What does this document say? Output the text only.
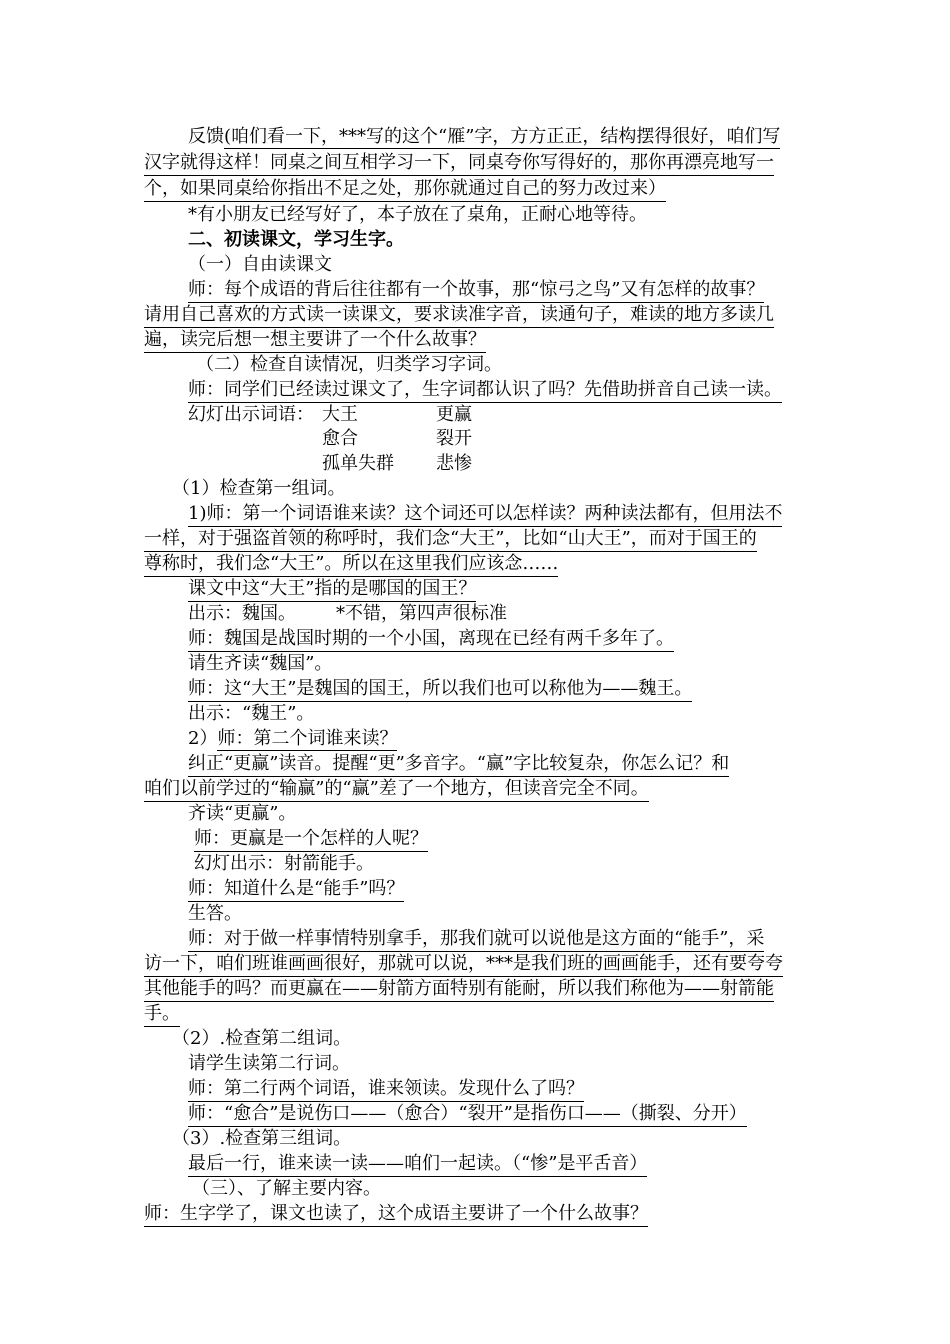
反馈(咱们看一下，***写的这个“雁”字，方方正正，结构摆得很好，咱们写
汉字就得这样！同桌之间互相学习一下，同桌夸你写得好的，那你再漂亮地写一
个，如果同桌给你指出不足之处，那你就通过自己的努力改过来）
*有小朋友已经写好了，本子放在了桌角，正耐心地等待。
二、初读课文，学习生字。
（一）自由读课文
师：每个成语的背后往往都有一个故事，那“惊弓之鸟”又有怎样的故事？
请用自己喜欢的方式读一读课文，要求读准字音，读通句子，难读的地方多读几
遍，读完后想一想主要讲了一个什么故事？
（二）检查自读情况，归类学习字词。
师：同学们已经读过课文了，生字词都认识了吗？先借助拼音自己读一读。
幻灯出示词语： 大王	更赢
愈合	裂开
孤单失群 悲惨
（1）检查第一组词。
1)师：第一个词语谁来读？这个词还可以怎样读？两种读法都有，但用法不
一样，对于强盗首领的称呼时，我们念“大王”，比如“山大王”，而对于国王的
尊称时，我们念“大王”。所以在这里我们应该念……
课文中这“大王”指的是哪国的国王？
出示：魏国。 *不错，第四声很标准
师：魏国是战国时期的一个小国，离现在已经有两千多年了。
请生齐读“魏国”。
师：这“大王”是魏国的国王，所以我们也可以称他为——魏王。
出示：“魏王”。
2）师：第二个词谁来读？
纠正“更赢”读音。提醒“更”多音字。“赢”字比较复杂，你怎么记？和
咱们以前学过的“输赢”的“赢”差了一个地方，但读音完全不同。
齐读“更赢”。
师：更赢是一个怎样的人呢？
幻灯出示：射箭能手。
师：知道什么是“能手”吗？
生答。
师：对于做一样事情特别拿手，那我们就可以说他是这方面的“能手”，采
访一下，咱们班谁画画很好，那就可以说，***是我们班的画画能手，还有要夸夸
其他能手的吗？而更赢在——射箭方面特别有能耐，所以我们称他为——射箭能
手。
（2）.检查第二组词。
请学生读第二行词。
师：第二行两个词语，谁来领读。发现什么了吗？
师：“愈合”是说伤口——（愈合）“裂开”是指伤口——（撕裂、分开）
（3）.检查第三组词。
最后一行，谁来读一读——咱们一起读。（“惨”是平舌音）
（三）、了解主要内容。
师：生字学了，课文也读了，这个成语主要讲了一个什么故事？
